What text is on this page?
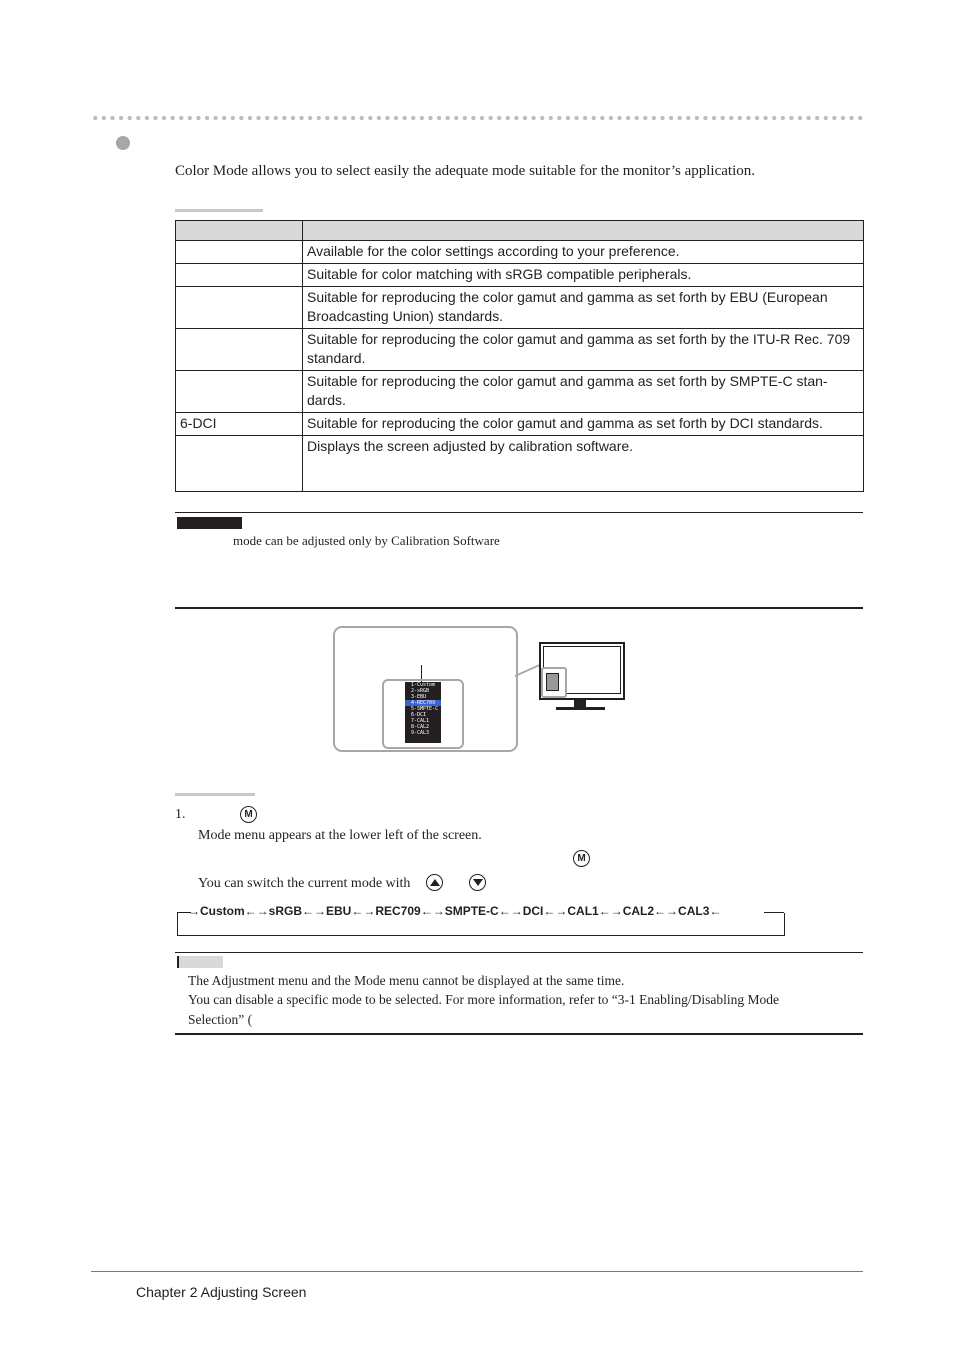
Color Mode allows you to select easily the adequate mode suitable for the monitor’s application.

	Available for the color settings according to your preference.
	Suitable for color matching with sRGB compatible peripherals.
	Suitable for reproducing the color gamut and gamma as set forth by EBU (European Broadcasting Union) standards.
	Suitable for reproducing the color gamut and gamma as set forth by the ITU-R Rec. 709 standard.
	Suitable for reproducing the color gamut and gamma as set forth by SMPTE-C stan-dards.
6-DCI	Suitable for reproducing the color gamut and gamma as set forth by DCI standards.
	Displays the screen adjusted by calibration software.
mode can be adjusted only by Calibration Software
1-Custom
2-sRGB
3-EBU
4-REC709
5-SMPTE-C
6-DCI
7-CAL1
8-CAL2
9-CAL3
1.	M
Mode menu appears at the lower left of the screen.
M
You can switch the current mode with
→Custom←→sRGB←→EBU←→REC709←→SMPTE-C←→DCI←→CAL1←→CAL2←→CAL3←
The Adjustment menu and the Mode menu cannot be displayed at the same time.
You can disable a specific mode to be selected. For more information, refer to “3-1 Enabling/Disabling Mode
Selection” (
Chapter 2 Adjusting Screen
